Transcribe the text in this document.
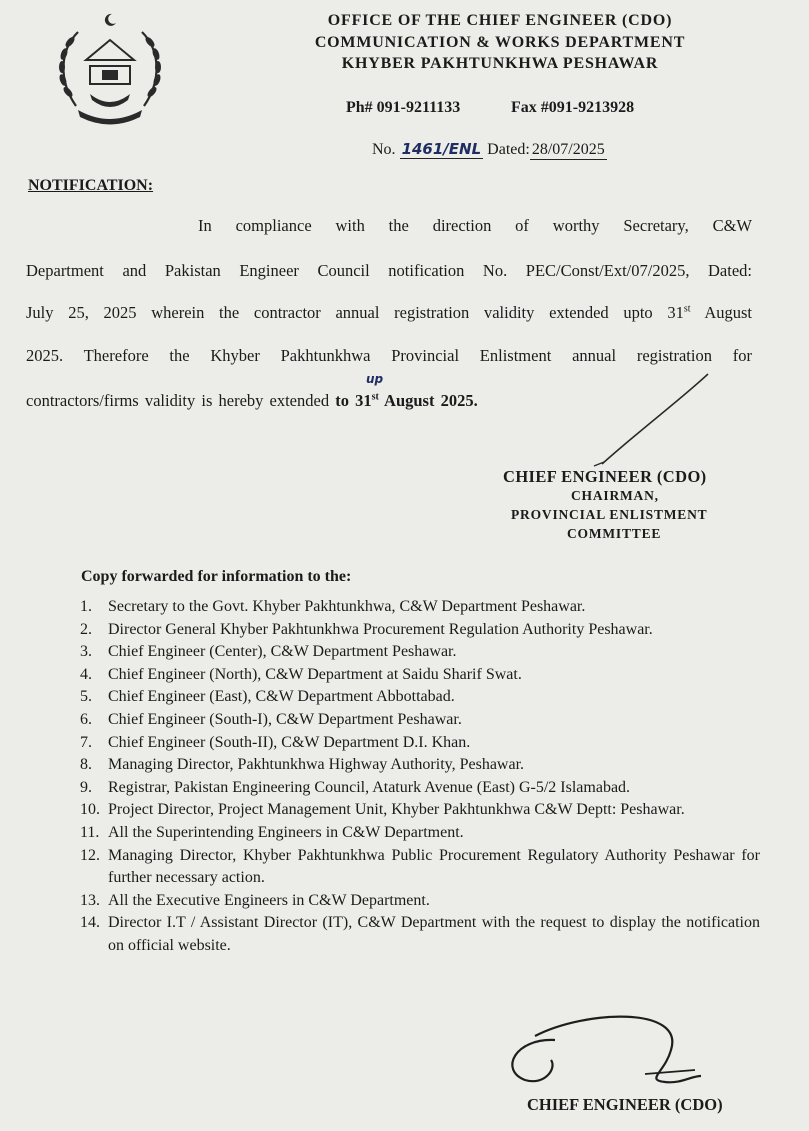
OFFICE OF THE CHIEF ENGINEER (CDO)
COMMUNICATION & WORKS DEPARTMENT
KHYBER PAKHTUNKHWA PESHAWAR
Ph# 091-9211133	Fax #091-9213928
No. 1461/ENL Dated: 28/07/2025
NOTIFICATION:
In compliance with the direction of worthy Secretary, C&W
Department and Pakistan Engineer Council notification No. PEC/Const/Ext/07/2025, Dated:
July 25, 2025 wherein the contractor annual registration validity extended upto 31st August
2025. Therefore the Khyber Pakhtunkhwa Provincial Enlistment annual registration for
contractors/firms validity is hereby extended to 31st August 2025.
up
CHIEF ENGINEER (CDO)
CHAIRMAN,
PROVINCIAL ENLISTMENT
COMMITTEE
Copy forwarded for information to the:
1. Secretary to the Govt. Khyber Pakhtunkhwa, C&W Department Peshawar.
2. Director General Khyber Pakhtunkhwa Procurement Regulation Authority Peshawar.
3. Chief Engineer (Center), C&W Department Peshawar.
4. Chief Engineer (North), C&W Department at Saidu Sharif Swat.
5. Chief Engineer (East), C&W Department Abbottabad.
6. Chief Engineer (South-I), C&W Department Peshawar.
7. Chief Engineer (South-II), C&W Department D.I. Khan.
8. Managing Director, Pakhtunkhwa Highway Authority, Peshawar.
9. Registrar, Pakistan Engineering Council, Ataturk Avenue (East) G-5/2 Islamabad.
10. Project Director, Project Management Unit, Khyber Pakhtunkhwa C&W Deptt: Peshawar.
11. All the Superintending Engineers in C&W Department.
12. Managing Director, Khyber Pakhtunkhwa Public Procurement Regulatory Authority Peshawar for further necessary action.
13. All the Executive Engineers in C&W Department.
14. Director I.T / Assistant Director (IT), C&W Department with the request to display the notification on official website.
CHIEF ENGINEER (CDO)
